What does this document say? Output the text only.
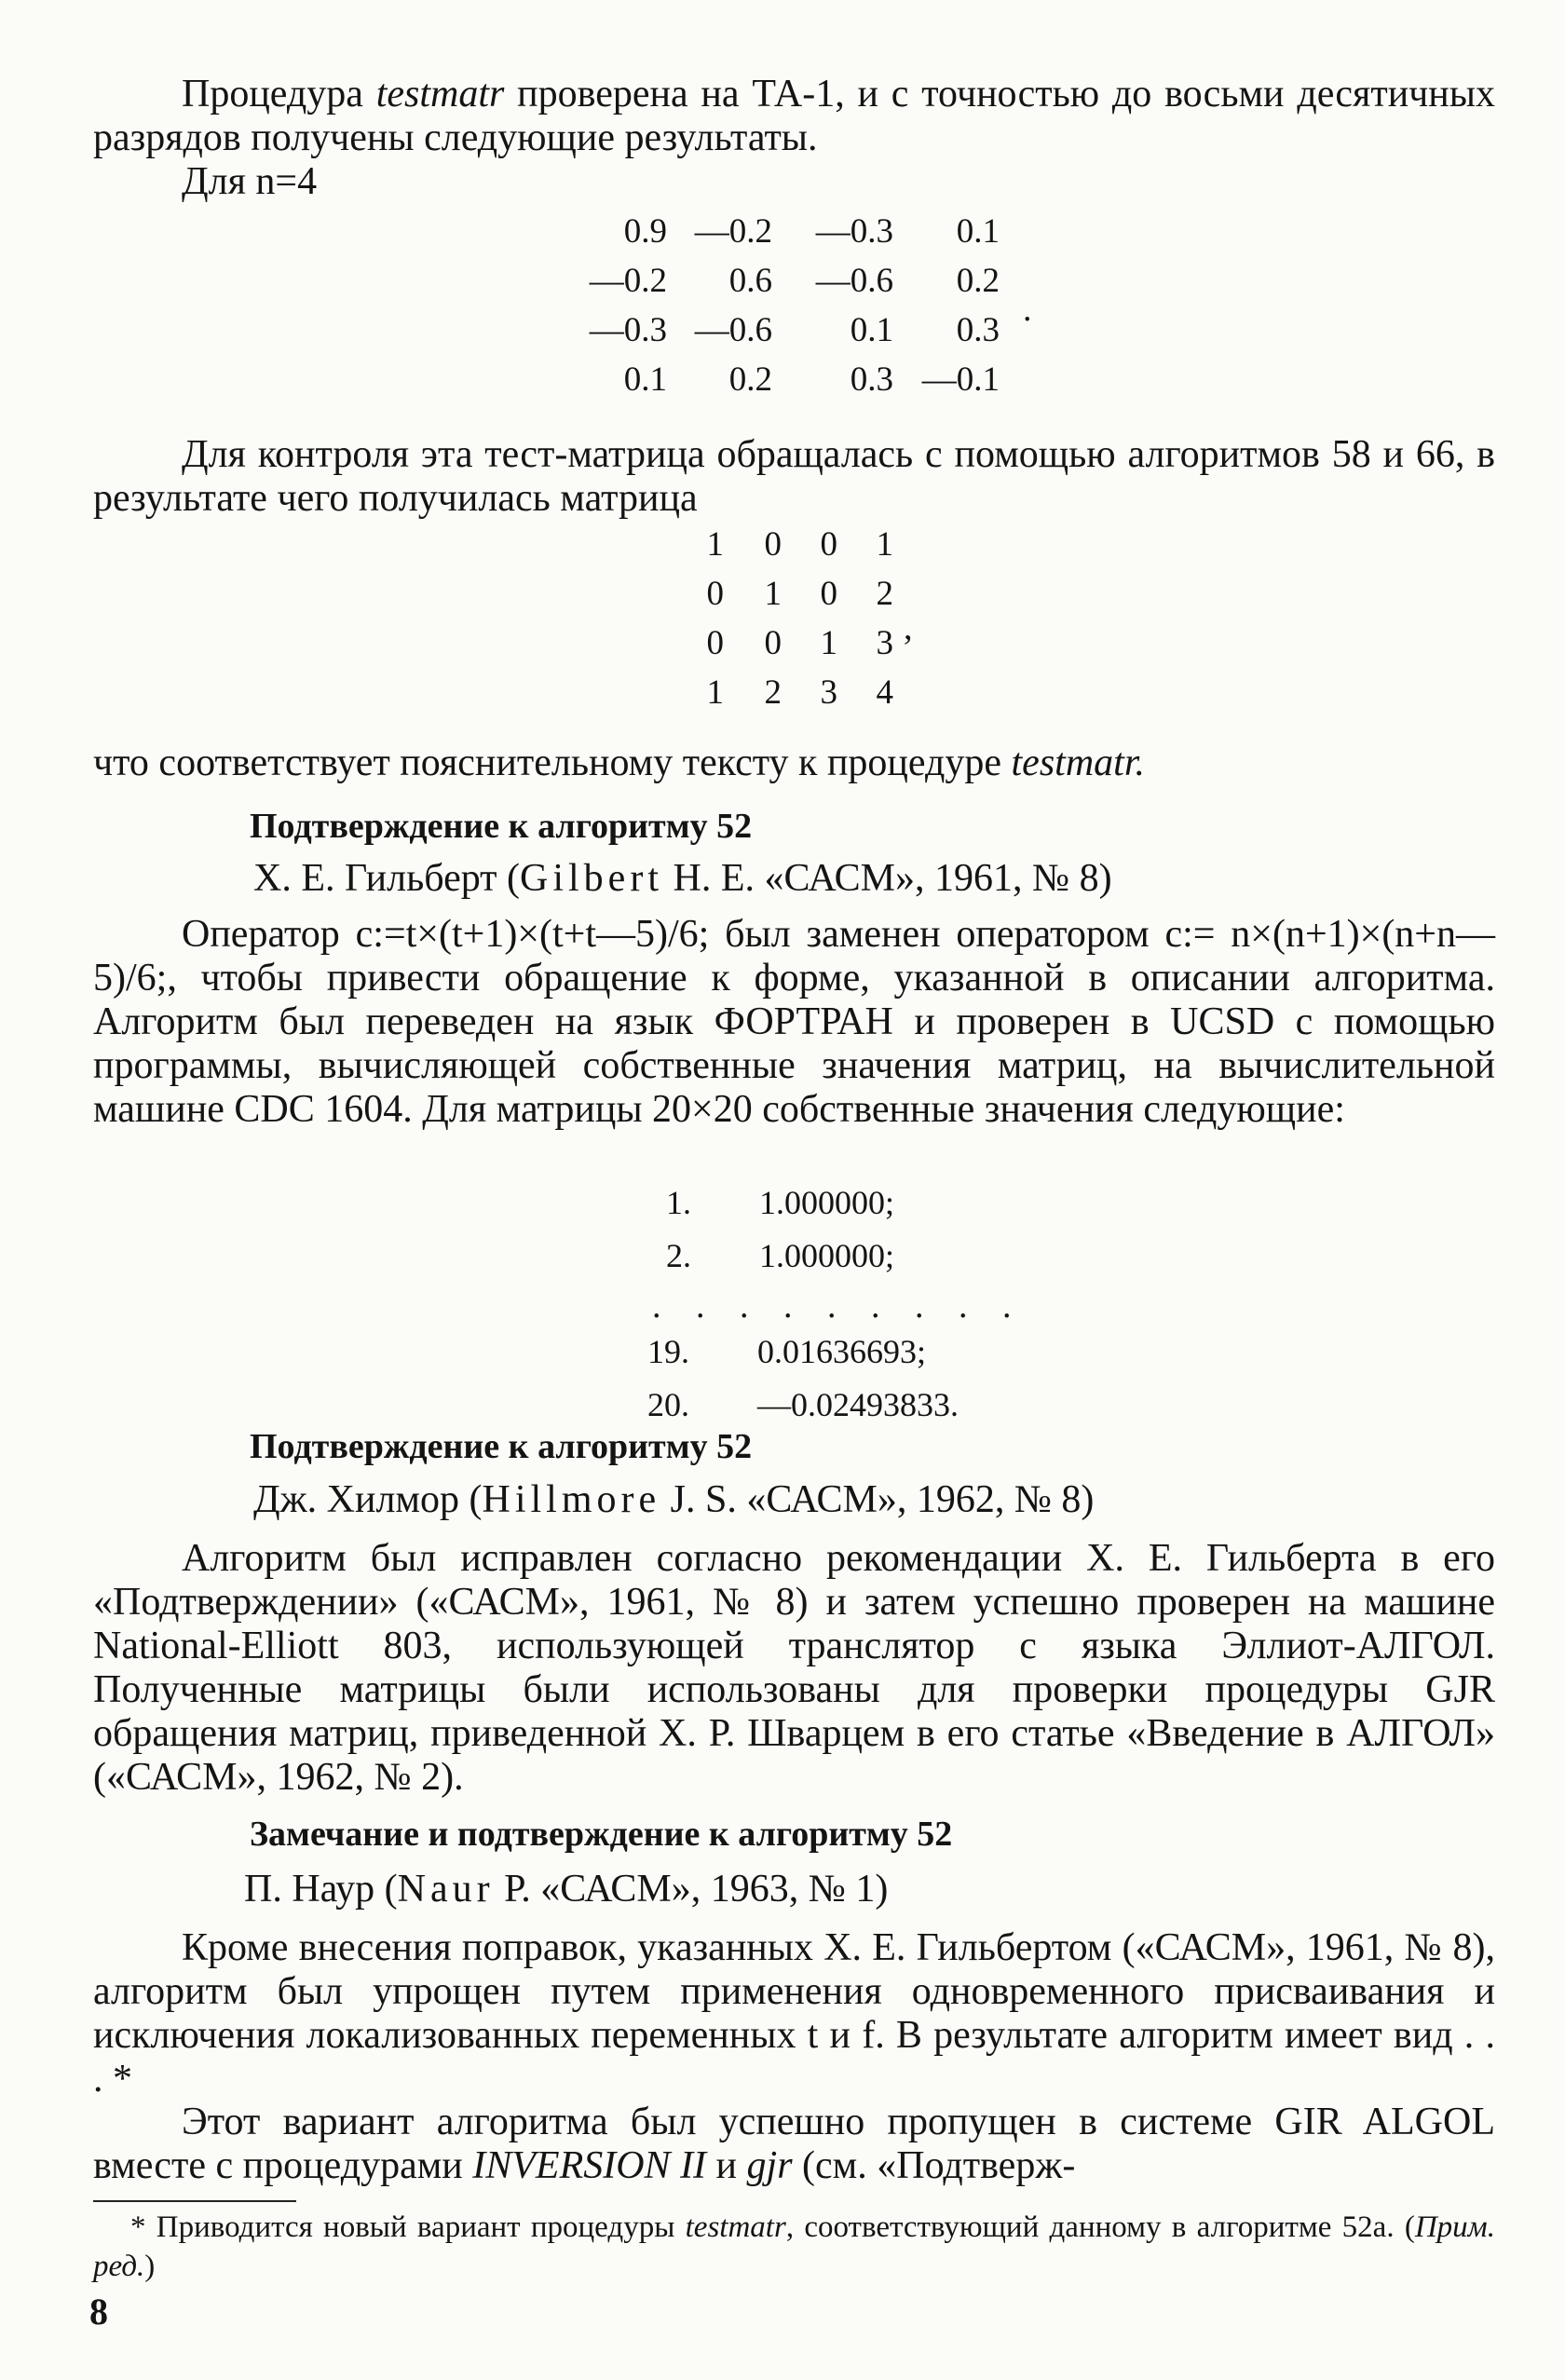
Процедура testmatr проверена на ТА-1, и с точностью до восьми десятичных разрядов получены следующие результаты.

Для n=4

0.9	—0.2	—0.3	0.1
—0.2	0.6	—0.6	0.2
—0.3	—0.6	0.1	0.3
0.1	0.2	0.3	—0.1
.

Для контроля эта тест-матрица обращалась с помощью алгоритмов 58 и 66, в результате чего получилась матрица

1	0	0	1
0	1	0	2
0	0	1	3
1	2	3	4
,

что соответствует пояснительному тексту к процедуре testmatr.

Подтверждение к алгоритму 52

X. Е. Гильберт (Gilbert Н. Е. «САСМ», 1961, № 8)

Оператор c:=t×(t+1)×(t+t—5)/6; был заменен оператором c:= n×(n+1)×(n+n—5)/6;, чтобы привести обращение к форме, указанной в описании алгоритма. Алгоритм был переведен на язык ФОРТРАН и проверен в UCSD с помощью программы, вычисляющей собственные значения матриц, на вычислительной машине CDC 1604. Для матрицы 20×20 собственные значения следующие:

1.	1.000000;
2.	1.000000;
. . . . . . . . .
19.	0.01636693;
20.	—0.02493833.
Подтверждение к алгоритму 52

Дж. Хилмор (Hillmore J. S. «САСМ», 1962, № 8)

Алгоритм был исправлен согласно рекомендации X. Е. Гильберта в его «Подтверждении» («САСМ», 1961, № 8) и затем успешно проверен на машине National-Elliott 803, использующей транслятор с языка Эллиот-АЛГОЛ. Полученные матрицы были использованы для проверки процедуры GJR обращения матриц, приведенной X. Р. Шварцем в его статье «Введение в АЛГОЛ» («САСМ», 1962, № 2).

Замечание и подтверждение к алгоритму 52

П. Наур (Naur Р. «САСМ», 1963, № 1)

Кроме внесения поправок, указанных X. Е. Гильбертом («САСМ», 1961, № 8), алгоритм был упрощен путем применения одновременного присваивания и исключения локализованных переменных t и f. В результате алгоритм имеет вид . . . *

Этот вариант алгоритма был успешно пропущен в системе GIR ALGOL вместе с процедурами INVERSION II и gjr (см. «Подтверж-

* Приводится новый вариант процедуры testmatr, соответствующий данному в алгоритме 52а. (Прим. ред.)

8
